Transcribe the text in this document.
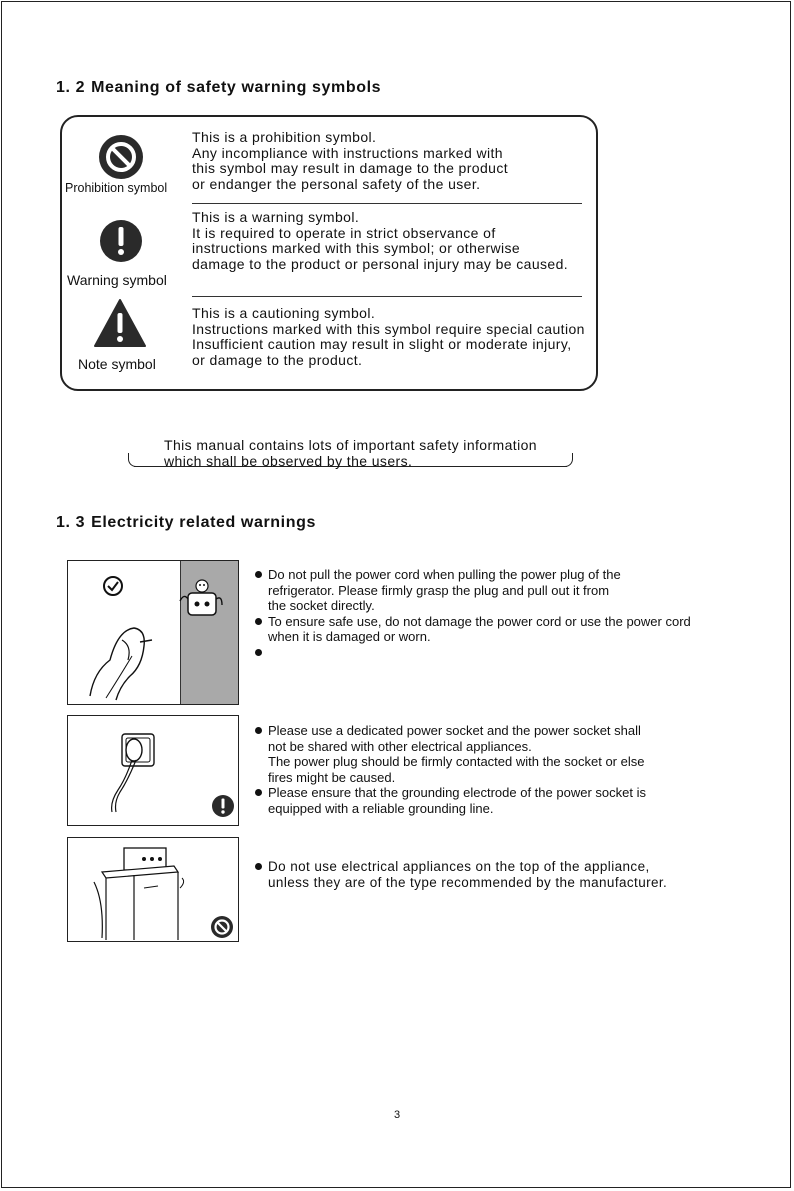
1. 2 Meaning of safety warning symbols
Prohibition symbol
This is a prohibition symbol.
Any incompliance with instructions marked with
this symbol may result in damage to the product
or endanger the personal safety of the user.
Warning symbol
This is a warning symbol.
It is required to operate in strict observance of
instructions marked with this symbol; or otherwise
damage to the product or personal injury may be caused.
Note symbol
This is a cautioning symbol.
Instructions marked with this symbol require special caution
Insufficient caution may result in slight or moderate injury,
or damage to the product.
This manual contains lots of important safety information
which shall be observed by the users.
1. 3 Electricity related warnings
Do not pull the power cord when pulling the power plug of the
refrigerator. Please firmly grasp the plug and pull out it from
the socket directly.
To ensure safe use, do not damage the power cord or use the power cord
when it is damaged or worn.
Please use a dedicated power socket and the power socket shall
not be shared with other electrical appliances.
The power plug should be firmly contacted with the socket or else
fires might be caused.
Please ensure that the grounding electrode of the power socket is
equipped with a reliable grounding line.
Do not use electrical appliances on the top of the appliance,
unless they are of the type recommended by the manufacturer.
3
